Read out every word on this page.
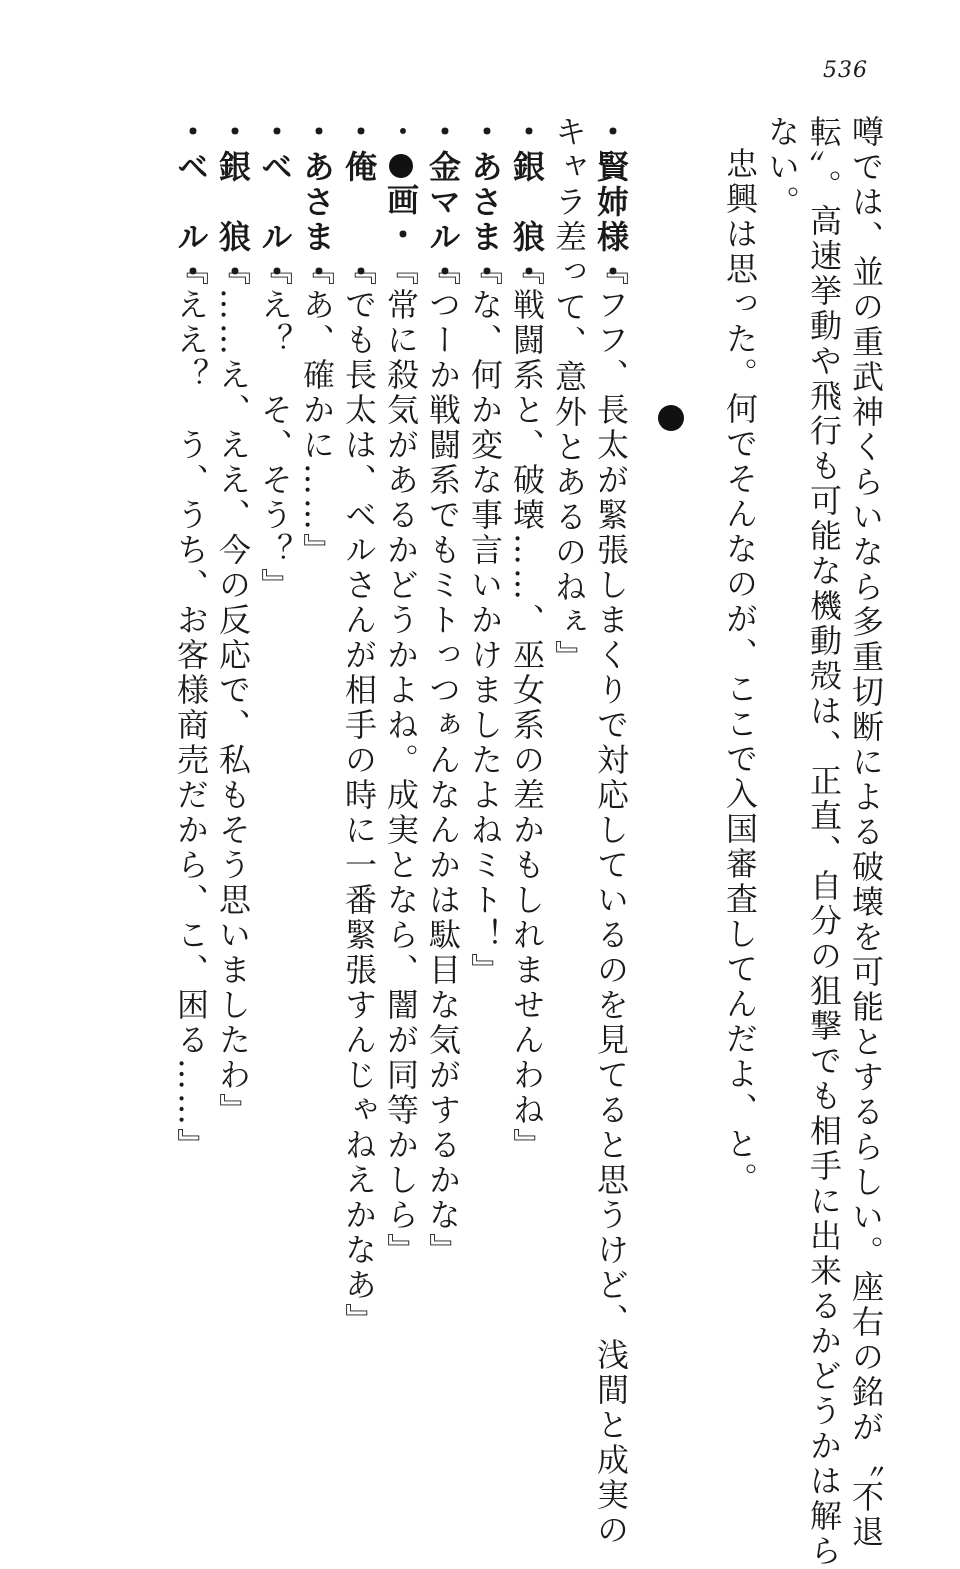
536
噂では、並の重武神くらいなら多重切断による破壊を可能とするらしい。座右の銘が〝不退
転〟。高速挙動や飛行も可能な機動殻は、正直、自分の狙撃でも相手に出来るかどうかは解ら
ない。
忠興は思った。何でそんなのが、ここで入国審査してんだよ、と。
・賢姉様・『フフ、長太が緊張しまくりで対応しているのを見てると思うけど、浅間と成実の
キャラ差って、意外とあるのねぇ』
・銀　狼・『戦闘系と、破壊……、巫女系の差かもしれませんわね』
・あさま・『な、何か変な事言いかけましたよねミト！』
・金マル・『つーか戦闘系でもミトっつぁんなんかは駄目な気がするかな』
・画・『常に殺気があるかどうかよね。成実となら、闇が同等かしら』
・俺　　・『でも長太は、ベルさんが相手の時に一番緊張すんじゃねえかなあ』
・あさま・『あ、確かに……』
・ベ　ル・『え？　そ、そう？』
・銀　狼・『……え、ええ、今の反応で、私もそう思いましたわ』
・ベ　ル・『ええ？　う、うち、お客様商売だから、こ、困る……』
